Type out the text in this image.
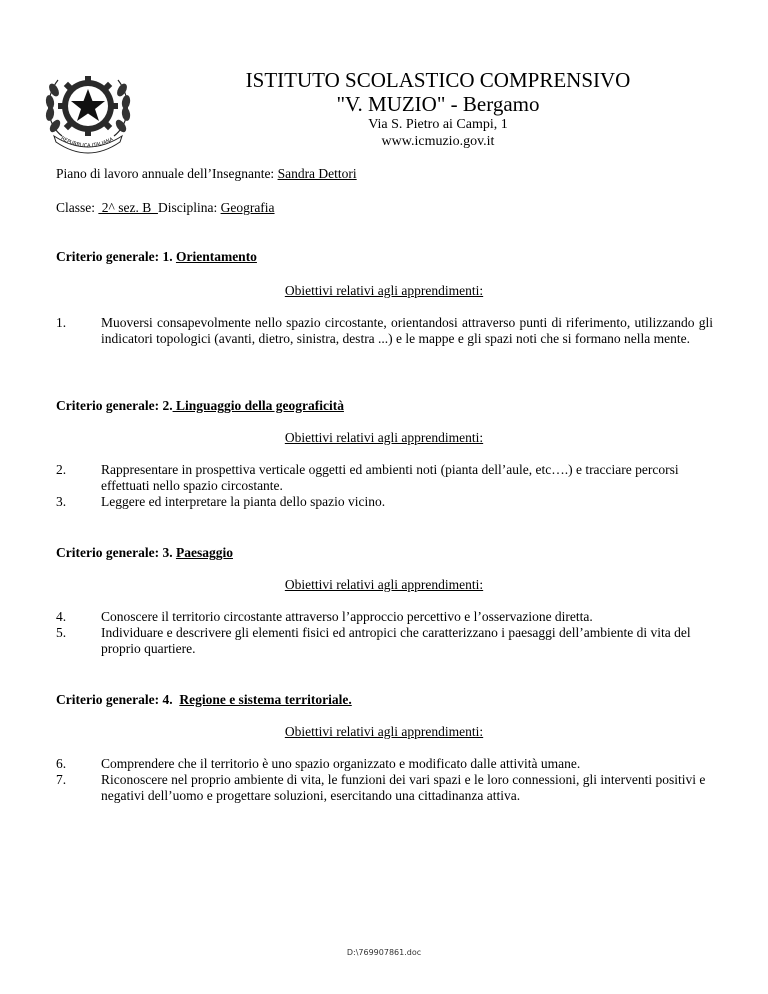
REPUBBLICA ITALIANA
ISTITUTO SCOLASTICO COMPRENSIVO
"V. MUZIO" - Bergamo
Via S. Pietro ai Campi, 1
www.icmuzio.gov.it
Piano di lavoro annuale dell’Insegnante: Sandra Dettori
Classe:  2^ sez. B  Disciplina: Geografia
Criterio generale: 1. Orientamento
Obiettivi relativi agli apprendimenti:
1.	Muoversi consapevolmente nello spazio circostante, orientandosi attraverso punti di riferimento, utilizzando gli indicatori topologici (avanti, dietro, sinistra, destra ...) e le mappe e gli spazi noti che si formano nella mente.
Criterio generale: 2. Linguaggio della geograficità
Obiettivi relativi agli apprendimenti:
2.	Rappresentare in prospettiva verticale oggetti ed ambienti noti (pianta dell’aule, etc….) e tracciare percorsi effettuati nello spazio circostante.
3.	Leggere ed interpretare la pianta dello spazio vicino.
Criterio generale: 3. Paesaggio
Obiettivi relativi agli apprendimenti:
4.	Conoscere il territorio circostante attraverso l’approccio percettivo e l’osservazione diretta.
5.	Individuare e descrivere gli elementi fisici ed antropici che caratterizzano i paesaggi dell’ambiente di vita del proprio quartiere.
Criterio generale: 4.  Regione e sistema territoriale.
Obiettivi relativi agli apprendimenti:
6.	Comprendere che il territorio è uno spazio organizzato e modificato dalle attività umane.
7.	Riconoscere nel proprio ambiente di vita, le funzioni dei vari spazi e le loro connessioni, gli interventi positivi e negativi dell’uomo e progettare soluzioni, esercitando una cittadinanza attiva.
D:\769907861.doc
